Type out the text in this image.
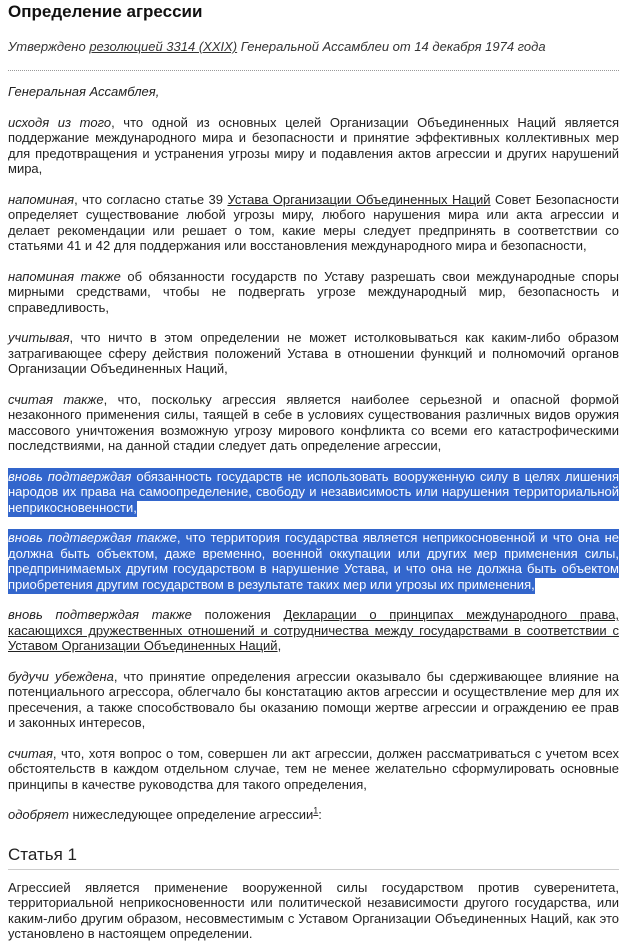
Определение агрессии

Утверждено резолюцией 3314 (XXIX) Генеральной Ассамблеи от 14 декабря 1974 года

Генеральная Ассамблея,

исходя из того, что одной из основных целей Организации Объединенных Наций является поддержание международного мира и безопасности и принятие эффективных коллективных мер для предотвращения и устранения угрозы миру и подавления актов агрессии и других нарушений мира,

напоминая, что согласно статье 39 Устава Организации Объединенных Наций Совет Безопасности определяет существование любой угрозы миру, любого нарушения мира или акта агрессии и делает рекомендации или решает о том, какие меры следует предпринять в соответствии со статьями 41 и 42 для поддержания или восстановления международного мира и безопасности,

напоминая также об обязанности государств по Уставу разрешать свои международные споры мирными средствами, чтобы не подвергать угрозе международный мир, безопасность и справедливость,

учитывая, что ничто в этом определении не может истолковываться как каким-либо образом затрагивающее сферу действия положений Устава в отношении функций и полномочий органов Организации Объединенных Наций,

считая также, что, поскольку агрессия является наиболее серьезной и опасной формой незаконного применения силы, таящей в себе в условиях существования различных видов оружия массового уничтожения возможную угрозу мирового конфликта со всеми его катастрофическими последствиями, на данной стадии следует дать определение агрессии,

вновь подтверждая обязанность государств не использовать вооруженную силу в целях лишения народов их права на самоопределение, свободу и независимость или нарушения территориальной неприкосновенности,

вновь подтверждая также, что территория государства является неприкосновенной и что она не должна быть объектом, даже временно, военной оккупации или других мер применения силы, предпринимаемых другим государством в нарушение Устава, и что она не должна быть объектом приобретения другим государством в результате таких мер или угрозы их применения,

вновь подтверждая также положения Декларации о принципах международного права, касающихся дружественных отношений и сотрудничества между государствами в соответствии с Уставом Организации Объединенных Наций,

будучи убеждена, что принятие определения агрессии оказывало бы сдерживающее влияние на потенциального агрессора, облегчало бы констатацию актов агрессии и осуществление мер для их пресечения, а также способствовало бы оказанию помощи жертве агрессии и ограждению ее прав и законных интересов,

считая, что, хотя вопрос о том, совершен ли акт агрессии, должен рассматриваться с учетом всех обстоятельств в каждом отдельном случае, тем не менее желательно сформулировать основные принципы в качестве руководства для такого определения,

одобряет нижеследующее определение агрессии$^1$:

Статья 1

Агрессией является применение вооруженной силы государством против суверенитета, территориальной неприкосновенности или политической независимости другого государства, или каким-либо другим образом, несовместимым с Уставом Организации Объединенных Наций, как это установлено в настоящем определении.
